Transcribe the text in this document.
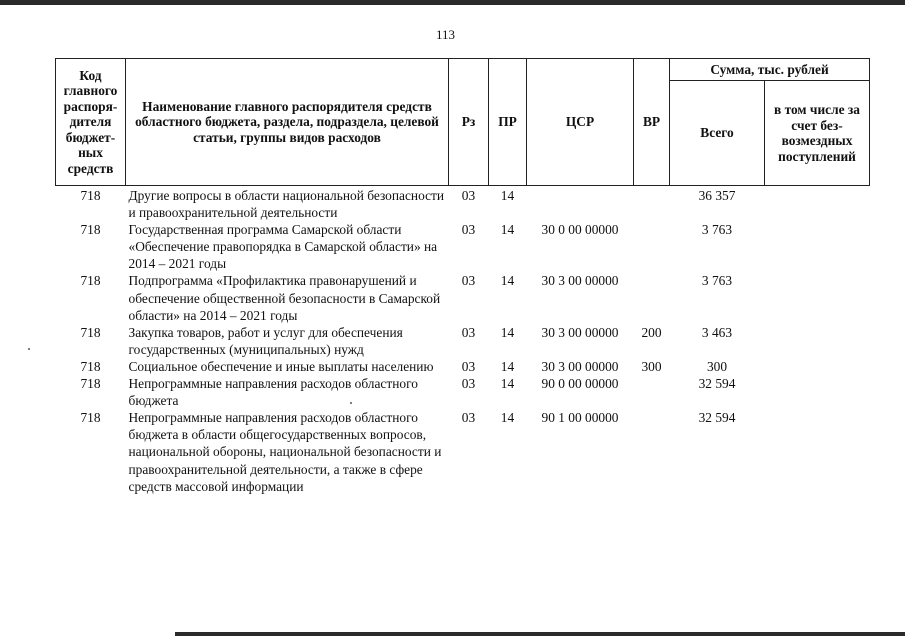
113
Код главного распоря-дителя бюджет-ных средств	Наименование главного распорядителя средств областного бюджета, раздела, подраздела, целевой статьи, группы видов расходов	Рз	ПР	ЦСР	ВР	Сумма, тыс. рублей	
						Всего	в том числе за счет без-возмездных поступлений
718	Другие вопросы в области национальной безопасности и правоохранительной деятельности	03	14			36 357	
718	Государственная программа Самарской области «Обеспечение правопорядка в Самарской области» на 2014 – 2021 годы	03	14	30 0 00 00000		3 763	
718	Подпрограмма «Профилактика правонарушений и обеспечение общественной безопасности в Самарской области» на 2014 – 2021 годы	03	14	30 3 00 00000		3 763	
718	Закупка товаров, работ и услуг для обеспечения государственных (муниципальных) нужд	03	14	30 3 00 00000	200	3 463	
718	Социальное обеспечение и иные выплаты населению	03	14	30 3 00 00000	300	300	
718	Непрограммные направления расходов областного бюджета	03	14	90 0 00 00000		32 594	
718	Непрограммные направления расходов областного бюджета в области общегосударственных вопросов, национальной обороны, национальной безопасности и правоохранительной деятельности, а также в сфере средств массовой информации	03	14	90 1 00 00000		32 594	
